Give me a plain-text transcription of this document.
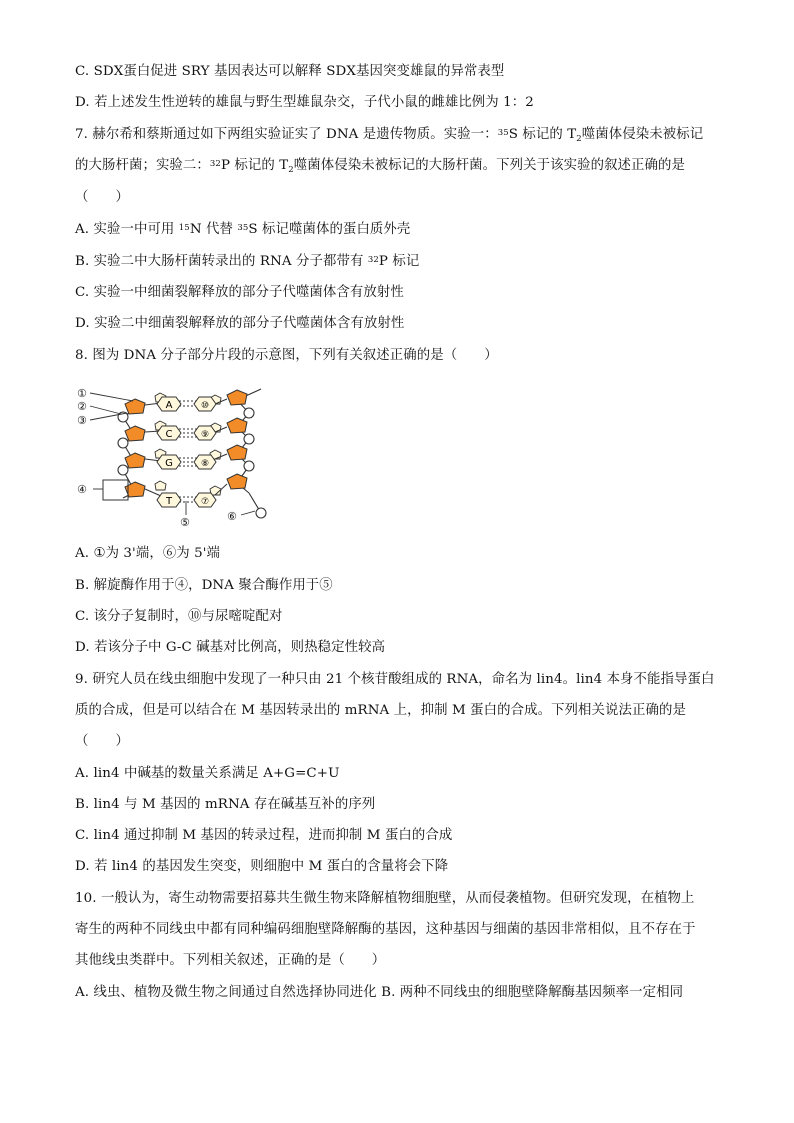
C. SDX蛋白促进 SRY 基因表达可以解释 SDX基因突变雄鼠的异常表型
D. 若上述发生性逆转的雄鼠与野生型雄鼠杂交，子代小鼠的雌雄比例为 1：2
7. 赫尔希和蔡斯通过如下两组实验证实了 DNA 是遗传物质。实验一：$^{35}$S 标记的 $T_2$噬菌体侵染未被标记
的大肠杆菌；实验二：$^{32}$P 标记的 $T_2$噬菌体侵染未被标记的大肠杆菌。下列关于该实验的叙述正确的是
（　　）
A. 实验一中可用 $^{15}$N 代替 $^{35}$S 标记噬菌体的蛋白质外壳
B. 实验二中大肠杆菌转录出的 RNA 分子都带有 $^{32}$P 标记
C. 实验一中细菌裂解释放的部分子代噬菌体含有放射性
D. 实验二中细菌裂解释放的部分子代噬菌体含有放射性
8. 图为 DNA 分子部分片段的示意图，下列有关叙述正确的是（　　）
A. ①为 3'端，⑥为 5'端
B. 解旋酶作用于④，DNA 聚合酶作用于⑤
C. 该分子复制时，⑩与尿嘧啶配对
D. 若该分子中 G-C 碱基对比例高，则热稳定性较高
9. 研究人员在线虫细胞中发现了一种只由 21 个核苷酸组成的 RNA，命名为 lin4。lin4 本身不能指导蛋白
质的合成，但是可以结合在 M 基因转录出的 mRNA 上，抑制 M 蛋白的合成。下列相关说法正确的是
（　　）
A. lin4 中碱基的数量关系满足 A+G=C+U
B. lin4 与 M 基因的 mRNA 存在碱基互补的序列
C. lin4 通过抑制 M 基因的转录过程，进而抑制 M 蛋白的合成
D. 若 lin4 的基因发生突变，则细胞中 M 蛋白的含量将会下降
10. 一般认为，寄生动物需要招募共生微生物来降解植物细胞壁，从而侵袭植物。但研究发现，在植物上
寄生的两种不同线虫中都有同种编码细胞壁降解酶的基因，这种基因与细菌的基因非常相似，且不存在于
其他线虫类群中。下列相关叙述，正确的是（　　）
A. 线虫、植物及微生物之间通过自然选择协同进化 B. 两种不同线虫的细胞壁降解酶基因频率一定相同
A
C
G
T
⑩
⑨
⑧
⑦
①
②
③
④
⑤	⑥
